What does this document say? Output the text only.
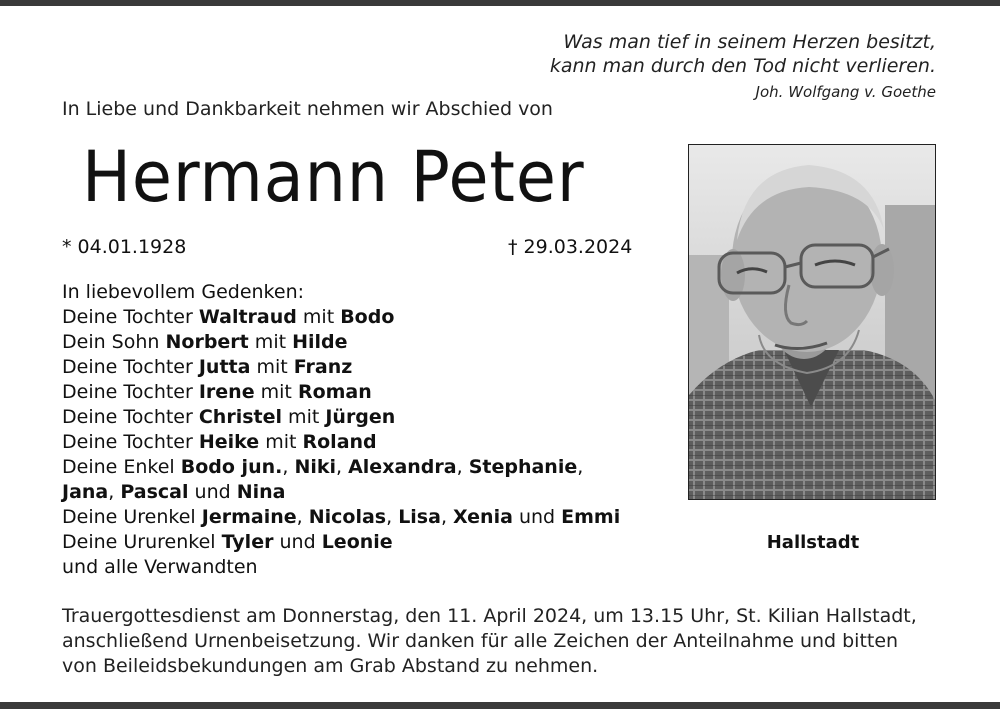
Was man tief in seinem Herzen besitzt,
kann man durch den Tod nicht verlieren.
Joh. Wolfgang v. Goethe
In Liebe und Dankbarkeit nehmen wir Abschied von
Hermann Peter
* 04.01.1928	† 29.03.2024
In liebevollem Gedenken:
Deine Tochter Waltraud mit Bodo
Dein Sohn Norbert mit Hilde
Deine Tochter Jutta mit Franz
Deine Tochter Irene mit Roman
Deine Tochter Christel mit Jürgen
Deine Tochter Heike mit Roland
Deine Enkel Bodo jun., Niki, Alexandra, Stephanie,
Jana, Pascal und Nina
Deine Urenkel Jermaine, Nicolas, Lisa, Xenia und Emmi
Deine Ururenkel Tyler und Leonie
und alle Verwandten
Hallstadt
Trauergottesdienst am Donnerstag, den 11. April 2024, um 13.15 Uhr, St. Kilian Hallstadt,
anschließend Urnenbeisetzung. Wir danken für alle Zeichen der Anteilnahme und bitten
von Beileidsbekundungen am Grab Abstand zu nehmen.
